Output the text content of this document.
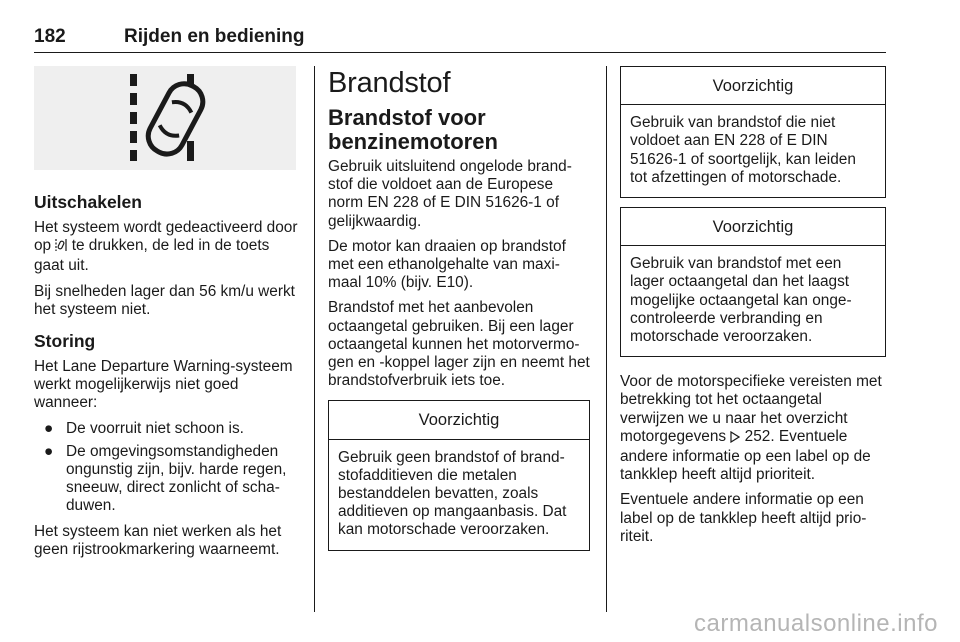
182	Rijden en bediening
Uitschakelen

Het systeem wordt gedeactiveerd door op te drukken, de led in de toets gaat uit.

Bij snelheden lager dan 56 km/u werkt het systeem niet.

Storing

Het Lane Departure Warning-systeem werkt mogelijkerwijs niet goed wanneer:

● De voorruit niet schoon is.
● De omgevingsomstandigheden ongunstig zijn, bijv. harde regen, sneeuw, direct zonlicht of scha-duwen.

Het systeem kan niet werken als het geen rijstrookmarkering waarneemt.

Brandstof
Brandstof voor benzinemotoren

Gebruik uitsluitend ongelode brand-stof die voldoet aan de Europese norm EN 228 of E DIN 51626-1 of gelijkwaardig.

De motor kan draaien op brandstof met een ethanolgehalte van maxi-maal 10% (bijv. E10).

Brandstof met het aanbevolen octaangetal gebruiken. Bij een lager octaangetal kunnen het motorvermo-gen en -koppel lager zijn en neemt het brandstofverbruik iets toe.

Voorzichtig
Gebruik geen brandstof of brand-stofadditieven die metalen bestanddelen bevatten, zoals additieven op mangaanbasis. Dat kan motorschade veroorzaken.
Voorzichtig
Gebruik van brandstof die niet voldoet aan EN 228 of E DIN 51626-1 of soortgelijk, kan leiden tot afzettingen of motorschade.
Voorzichtig
Gebruik van brandstof met een lager octaangetal dan het laagst mogelijke octaangetal kan onge-controleerde verbranding en motorschade veroorzaken.

Voor de motorspecifieke vereisten met betrekking tot het octaangetal verwijzen we u naar het overzicht motorgegevens 252. Eventuele andere informatie op een label op de tankklep heeft altijd prioriteit.

Eventuele andere informatie op een label op de tankklep heeft altijd prio-riteit.

carmanualsonline.info
